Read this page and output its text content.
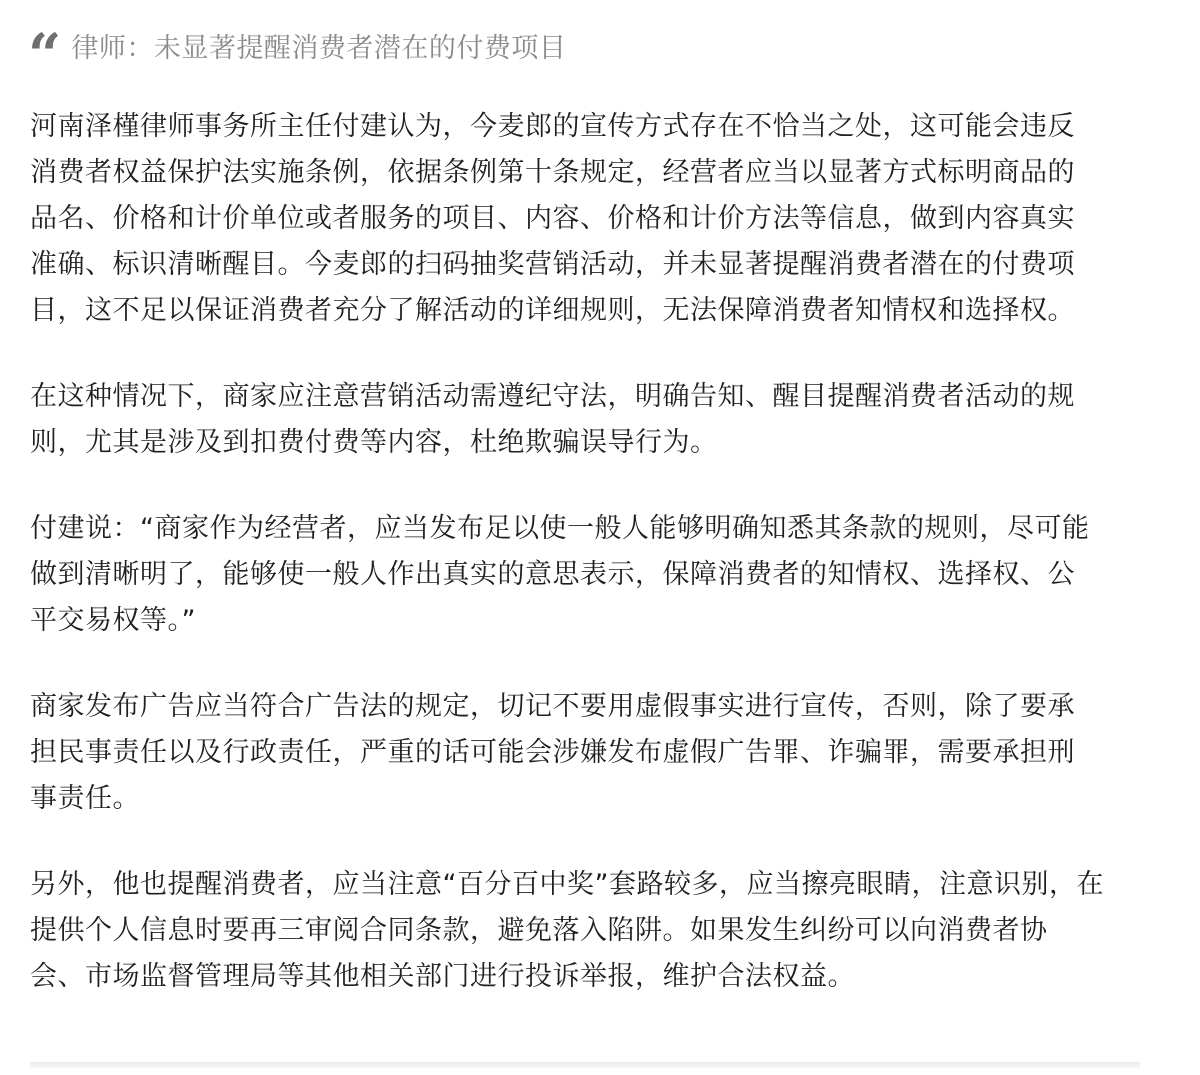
“ 律师：未显著提醒消费者潜在的付费项目
河南泽槿律师事务所主任付建认为，今麦郎的宣传方式存在不恰当之处，这可能会违反
消费者权益保护法实施条例，依据条例第十条规定，经营者应当以显著方式标明商品的
品名、价格和计价单位或者服务的项目、内容、价格和计价方法等信息，做到内容真实
准确、标识清晰醒目。今麦郎的扫码抽奖营销活动，并未显著提醒消费者潜在的付费项
目，这不足以保证消费者充分了解活动的详细规则，无法保障消费者知情权和选择权。
在这种情况下，商家应注意营销活动需遵纪守法，明确告知、醒目提醒消费者活动的规
则，尤其是涉及到扣费付费等内容，杜绝欺骗误导行为。
付建说：“商家作为经营者，应当发布足以使一般人能够明确知悉其条款的规则，尽可能
做到清晰明了，能够使一般人作出真实的意思表示，保障消费者的知情权、选择权、公
平交易权等。”
商家发布广告应当符合广告法的规定，切记不要用虚假事实进行宣传，否则，除了要承
担民事责任以及行政责任，严重的话可能会涉嫌发布虚假广告罪、诈骗罪，需要承担刑
事责任。
另外，他也提醒消费者，应当注意“百分百中奖”套路较多，应当擦亮眼睛，注意识别，在
提供个人信息时要再三审阅合同条款，避免落入陷阱。如果发生纠纷可以向消费者协
会、市场监督管理局等其他相关部门进行投诉举报，维护合法权益。
